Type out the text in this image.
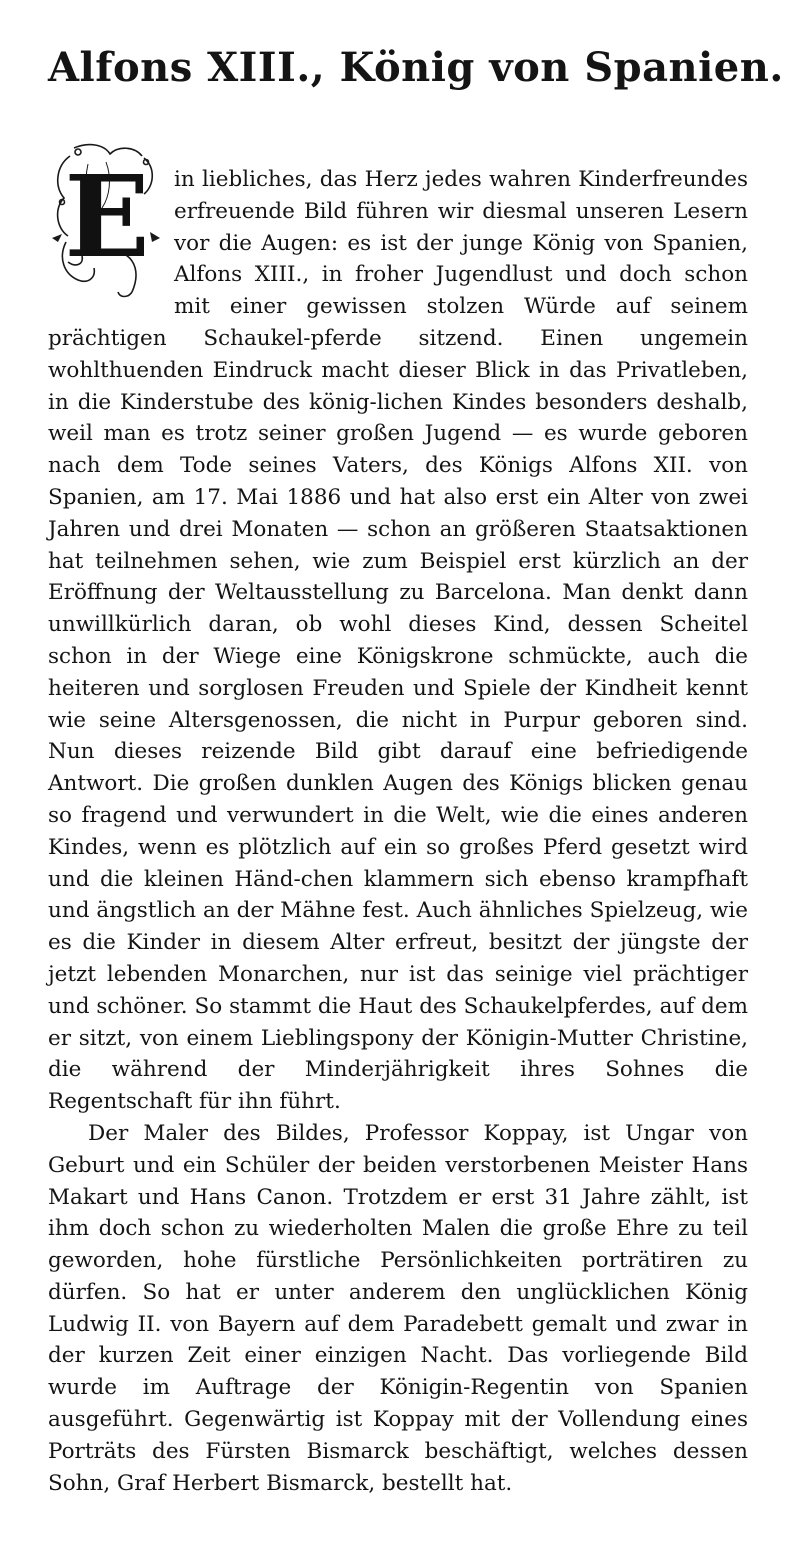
Alfons XIII., König von Spanien.

E in liebliches, das Herz jedes wahren Kinderfreundes erfreuende Bild führen wir diesmal unseren Lesern vor die Augen: es ist der junge König von Spanien, Alfons XIII., in froher Jugendlust und doch schon mit einer gewissen stolzen Würde auf seinem prächtigen Schaukel-pferde sitzend. Einen ungemein wohlthuenden Eindruck macht dieser Blick in das Privatleben, in die Kinderstube des könig-lichen Kindes besonders deshalb, weil man es trotz seiner großen Jugend — es wurde geboren nach dem Tode seines Vaters, des Königs Alfons XII. von Spanien, am 17. Mai 1886 und hat also erst ein Alter von zwei Jahren und drei Monaten — schon an größeren Staatsaktionen hat teilnehmen sehen, wie zum Beispiel erst kürzlich an der Eröffnung der Weltausstellung zu Barcelona. Man denkt dann unwillkürlich daran, ob wohl dieses Kind, dessen Scheitel schon in der Wiege eine Königskrone schmückte, auch die heiteren und sorglosen Freuden und Spiele der Kindheit kennt wie seine Altersgenossen, die nicht in Purpur geboren sind. Nun dieses reizende Bild gibt darauf eine befriedigende Antwort. Die großen dunklen Augen des Königs blicken genau so fragend und verwundert in die Welt, wie die eines anderen Kindes, wenn es plötzlich auf ein so großes Pferd gesetzt wird und die kleinen Händ-chen klammern sich ebenso krampfhaft und ängstlich an der Mähne fest. Auch ähnliches Spielzeug, wie es die Kinder in diesem Alter erfreut, besitzt der jüngste der jetzt lebenden Monarchen, nur ist das seinige viel prächtiger und schöner. So stammt die Haut des Schaukelpferdes, auf dem er sitzt, von einem Lieblingspony der Königin-Mutter Christine, die während der Minderjährigkeit ihres Sohnes die Regentschaft für ihn führt.

Der Maler des Bildes, Professor Koppay, ist Ungar von Geburt und ein Schüler der beiden verstorbenen Meister Hans Makart und Hans Canon. Trotzdem er erst 31 Jahre zählt, ist ihm doch schon zu wiederholten Malen die große Ehre zu teil geworden, hohe fürstliche Persönlichkeiten porträtiren zu dürfen. So hat er unter anderem den unglücklichen König Ludwig II. von Bayern auf dem Paradebett gemalt und zwar in der kurzen Zeit einer einzigen Nacht. Das vorliegende Bild wurde im Auftrage der Königin-Regentin von Spanien ausgeführt. Gegenwärtig ist Koppay mit der Vollendung eines Porträts des Fürsten Bismarck beschäftigt, welches dessen Sohn, Graf Herbert Bismarck, bestellt hat.
